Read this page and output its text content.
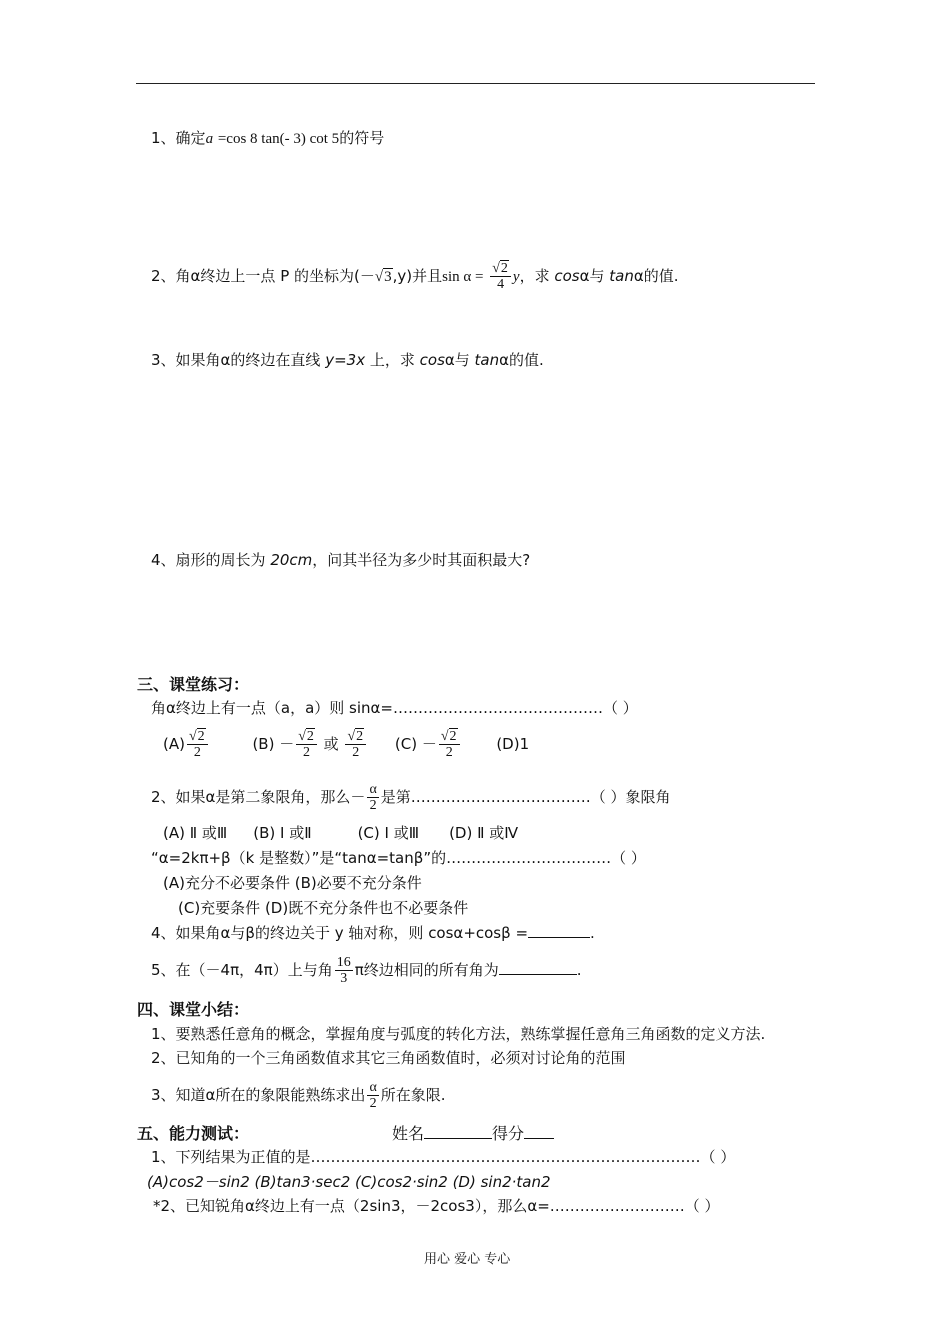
1、确定a =cos 8 tan(- 3) cot 5的符号
2、角α终边上一点 P 的坐标为(－√3,y)并且$\sin \alpha = \frac{√2}{4}$ y，求 cosα与 tanα的值.
3、如果角α的终边在直线 y=3x 上，求 cosα与 tanα的值.
4、扇形的周长为 20cm，问其半径为多少时其面积最大?
三、课堂练习：
角α终边上有一点（a，a）则 sinα=……………………………………（ ）
$(A) \frac{√2}{2}$	$(B) - \frac{√2}{2}$ 或 $\frac{√2}{2} (C) - \frac{√2}{2} (D)1$
2、如果α是第二象限角，那么－ $\frac{\alpha}{2}$ 是第………………………………（ ）象限角
(A) Ⅱ 或Ⅲ (B) Ⅰ 或Ⅱ	(C) Ⅰ 或Ⅲ (D) Ⅱ 或Ⅳ
“α=2kπ+β（k 是整数）”是“tanα=tanβ”的……………………………（ ）
(A)充分不必要条件 (B)必要不充分条件
(C)充要条件 (D)既不充分条件也不必要条件
4、如果角α与β的终边关于 y 轴对称，则 cosα+cosβ =	.
5、在（－4π，4π）上与角 $\frac{16}{3}$ π终边相同的所有角为	.
四、课堂小结：
1、要熟悉任意角的概念，掌握角度与弧度的转化方法，熟练掌握任意角三角函数的定义方法.
2、已知角的一个三角函数值求其它三角函数值时，必须对讨论角的范围
3、知道α所在的象限能熟练求出 $\frac{\alpha}{2}$ 所在象限.
五、能力测试：	姓名	得分
1、下列结果为正值的是……………………………………………………………………（ ）
(A)cos2－sin2 (B)tan3·sec2 (C)cos2·sin2 (D) sin2·tan2
*2、已知锐角α终边上有一点（2sin3，－2cos3），那么α=………………………（ ）
用心 爱心 专心
